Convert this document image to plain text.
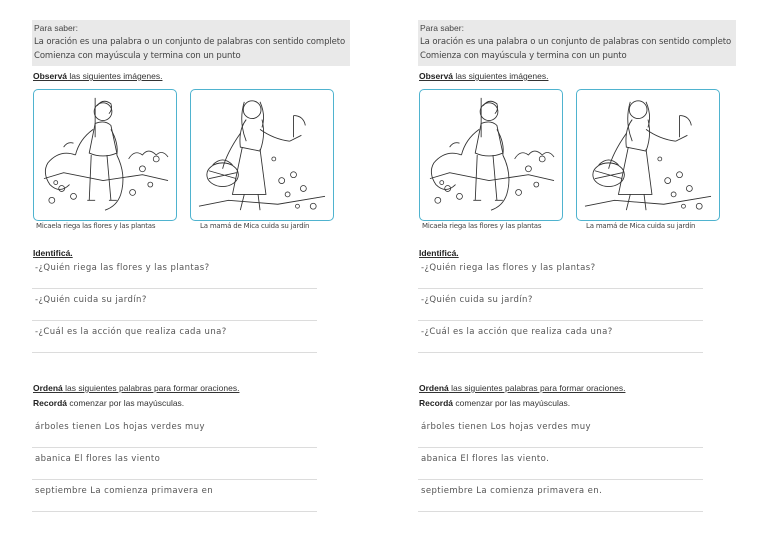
Para saber:
La oración es una palabra o un conjunto de palabras con sentido completo
Comienza con mayúscula y termina con un punto
Observá las siguientes imágenes.
Micaela riega las flores y las plantas	La mamá de Mica cuida su jardín
Identificá.
-¿Quién riega las flores y las plantas?
-¿Quién cuida su jardín?
-¿Cuál es la acción que realiza cada una?
Ordená las siguientes palabras para formar oraciones.
Recordá comenzar por las mayúsculas.
árboles tienen Los hojas verdes muy
abanica El flores las viento
septiembre La comienza primavera en
Para saber:
La oración es una palabra o un conjunto de palabras con sentido completo
Comienza con mayúscula y termina con un punto
Observá las siguientes imágenes.
Micaela riega las flores y las plantas	La mamá de Mica cuida su jardín
Identificá.
-¿Quién riega las flores y las plantas?
-¿Quién cuida su jardín?
-¿Cuál es la acción que realiza cada una?
Ordená las siguientes palabras para formar oraciones.
Recordá comenzar por las mayúsculas.
árboles tienen Los hojas verdes muy
abanica El flores las viento.
septiembre La comienza primavera en.
